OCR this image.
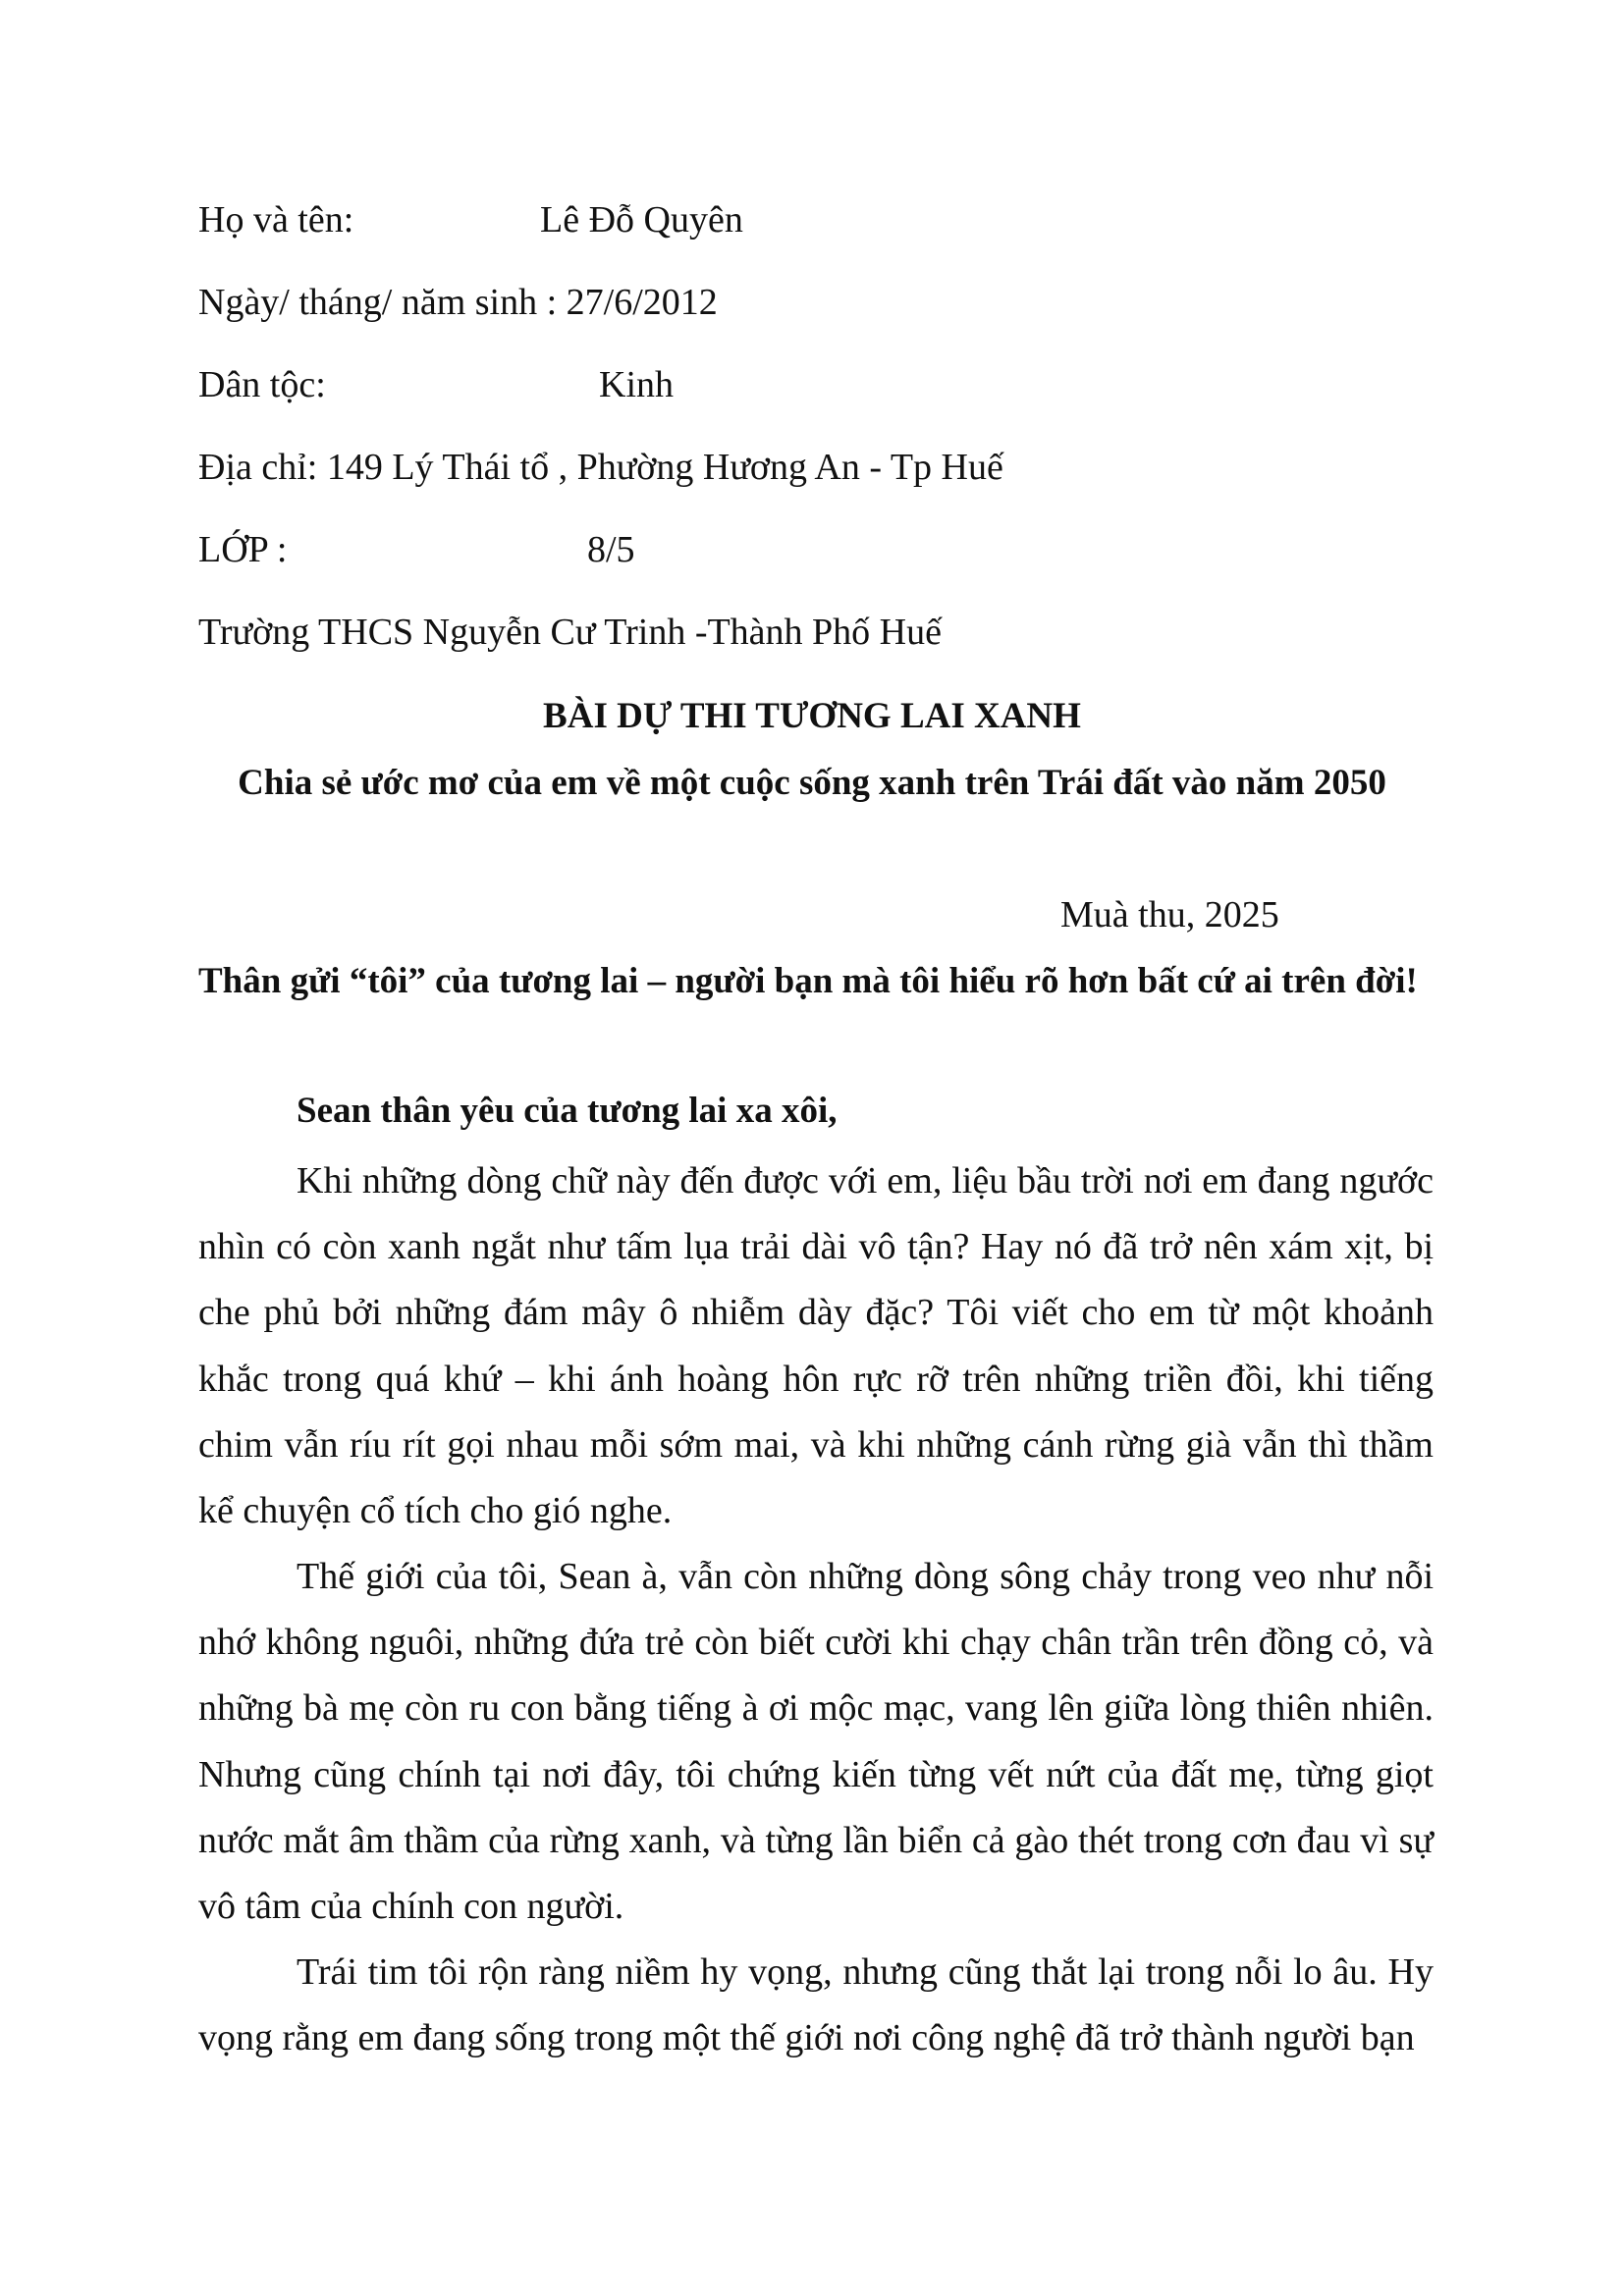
Họ và tên:	Lê Đỗ Quyên
Ngày/ tháng/ năm sinh : 27/6/2012
Dân tộc:	Kinh
Địa chỉ: 149 Lý Thái tổ , Phường Hương An - Tp Huế
LỚP :	8/5
Trường THCS Nguyễn Cư Trinh -Thành Phố Huế
BÀI DỰ THI TƯƠNG LAI XANH
Chia sẻ ước mơ của em về một cuộc sống xanh trên Trái đất vào năm 2050
Muà thu, 2025
Thân gửi “tôi” của tương lai – người bạn mà tôi hiểu rõ hơn bất cứ ai trên đời!
Sean thân yêu của tương lai xa xôi,

Khi những dòng chữ này đến được với em, liệu bầu trời nơi em đang ngước nhìn có còn xanh ngắt như tấm lụa trải dài vô tận? Hay nó đã trở nên xám xịt, bị che phủ bởi những đám mây ô nhiễm dày đặc? Tôi viết cho em từ một khoảnh khắc trong quá khứ – khi ánh hoàng hôn rực rỡ trên những triền đồi, khi tiếng chim vẫn ríu rít gọi nhau mỗi sớm mai, và khi những cánh rừng già vẫn thì thầm kể chuyện cổ tích cho gió nghe.

Thế giới của tôi, Sean à, vẫn còn những dòng sông chảy trong veo như nỗi nhớ không nguôi, những đứa trẻ còn biết cười khi chạy chân trần trên đồng cỏ, và những bà mẹ còn ru con bằng tiếng à ơi mộc mạc, vang lên giữa lòng thiên nhiên. Nhưng cũng chính tại nơi đây, tôi chứng kiến từng vết nứt của đất mẹ, từng giọt nước mắt âm thầm của rừng xanh, và từng lần biển cả gào thét trong cơn đau vì sự vô tâm của chính con người.

Trái tim tôi rộn ràng niềm hy vọng, nhưng cũng thắt lại trong nỗi lo âu. Hy vọng rằng em đang sống trong một thế giới nơi công nghệ đã trở thành người bạn
